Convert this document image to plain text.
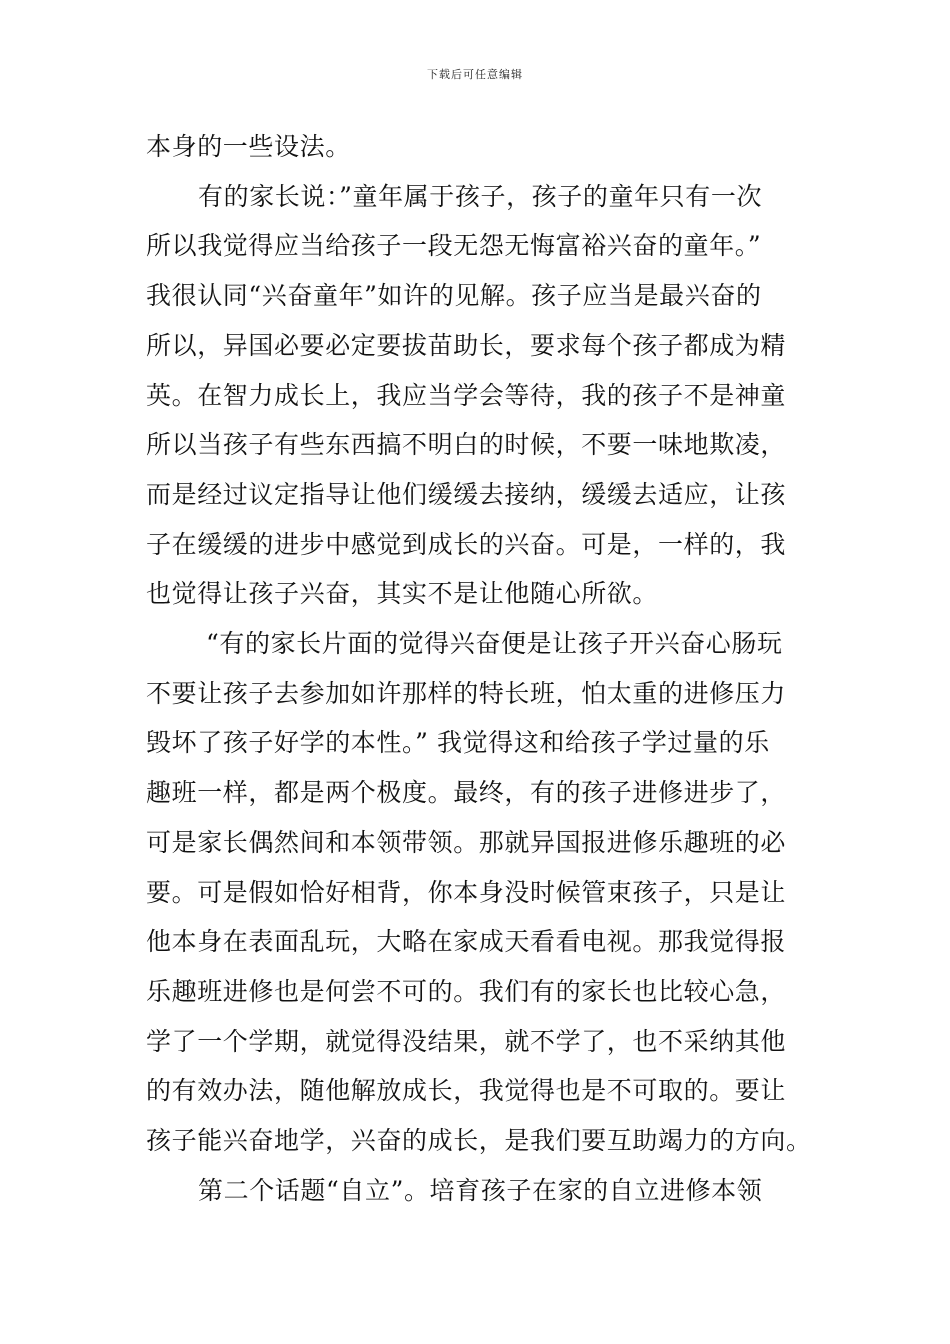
下载后可任意编辑
本身的一些设法。
有的家长说：”童年属于孩子，孩子的童年只有一次
所以我觉得应当给孩子一段无怨无悔富裕兴奋的童年。”
我很认同“兴奋童年”如许的见解。孩子应当是最兴奋的
所以，异国必要必定要拔苗助长，要求每个孩子都成为精
英。在智力成长上，我应当学会等待，我的孩子不是神童
所以当孩子有些东西搞不明白的时候，不要一味地欺凌，
而是经过议定指导让他们缓缓去接纳，缓缓去适应，让孩
子在缓缓的进步中感觉到成长的兴奋。可是，一样的，我
也觉得让孩子兴奋，其实不是让他随心所欲。
“有的家长片面的觉得兴奋便是让孩子开兴奋心肠玩
不要让孩子去参加如许那样的特长班，怕太重的进修压力
毁坏了孩子好学的本性。” 我觉得这和给孩子学过量的乐
趣班一样，都是两个极度。最终，有的孩子进修进步了，
可是家长偶然间和本领带领。那就异国报进修乐趣班的必
要。可是假如恰好相背，你本身没时候管束孩子，只是让
他本身在表面乱玩，大略在家成天看看电视。那我觉得报
乐趣班进修也是何尝不可的。我们有的家长也比较心急，
学了一个学期，就觉得没结果，就不学了，也不采纳其他
的有效办法，随他解放成长，我觉得也是不可取的。要让
孩子能兴奋地学，兴奋的成长，是我们要互助竭力的方向。
第二个话题“自立”。培育孩子在家的自立进修本领
